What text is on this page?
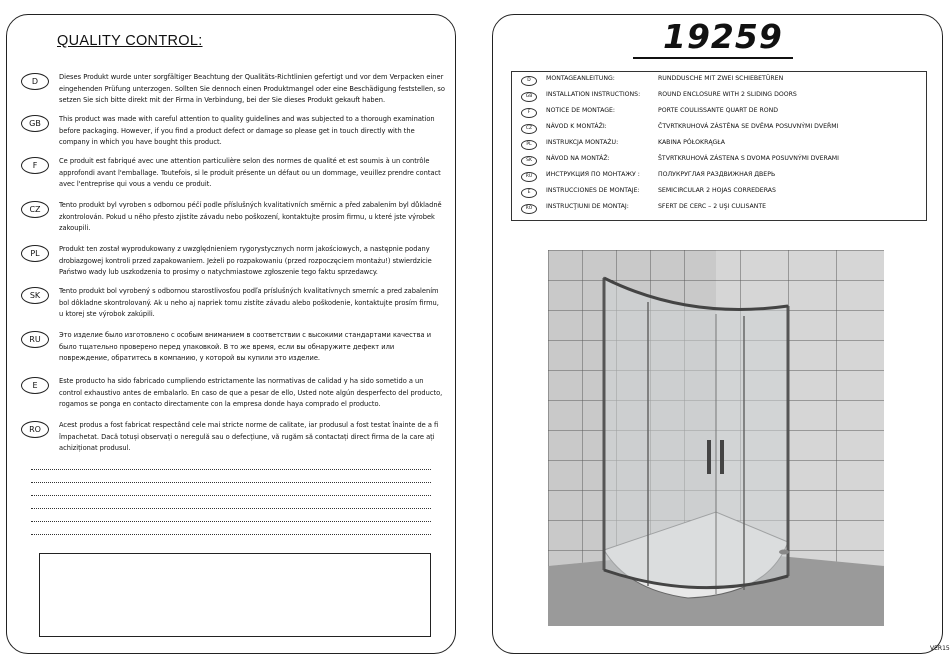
QUALITY CONTROL:
D
Dieses Produkt wurde unter sorgfältiger Beachtung der Qualitäts-Richtlinien gefertigt und vor dem Verpacken einer eingehenden Prüfung unterzogen. Sollten Sie dennoch einen Produktmangel oder eine Beschädigung feststellen, so setzen Sie sich bitte direkt mit der Firma in Verbindung, bei der Sie dieses Produkt gekauft haben.
GB
This product was made with careful attention to quality guidelines and was subjected to a thorough examination before packaging. However, if you find a product defect or damage so please get in touch directly with the company in which you have bought this product.
F
Ce produit est fabriqué avec une attention particulière selon des normes de qualité et est soumis à un contrôle approfondi avant l'emballage. Toutefois, si le produit présente un défaut ou un dommage, veuillez prendre contact avec l'entreprise qui vous a vendu ce produit.
CZ
Tento produkt byl vyroben s odbornou péčí podle příslušných kvalitativních směrnic a před zabalením byl důkladně zkontrolován. Pokud u něho přesto zjistíte závadu nebo poškození, kontaktujte prosím firmu, u které jste výrobek zakoupili.
PL
Produkt ten został wyprodukowany z uwzględnieniem rygorystycznych norm jakościowych, a następnie podany drobiazgowej kontroli przed zapakowaniem. Jeżeli po rozpakowaniu (przed rozpoczęciem montażu!) stwierdzicie Państwo wady lub uszkodzenia to prosimy o natychmiastowe zgłoszenie tego faktu sprzedawcy.
SK
Tento produkt bol vyrobený s odbornou starostlivosťou podľa príslušných kvalitatívnych smerníc a pred zabalením bol dôkladne skontrolovaný. Ak u neho aj napriek tomu zistíte závadu alebo poškodenie, kontaktujte prosím firmu, u ktorej ste výrobok zakúpili.
RU
Это изделие было изготовлено с особым вниманием в соответствии с высокими стандартами качества и было тщательно проверено перед упаковкой. В то же время, если вы обнаружите дефект или повреждение, обратитесь в компанию, у которой вы купили это изделие.
E
Este producto ha sido fabricado cumpliendo estrictamente las normativas de calidad y ha sido sometido a un control exhaustivo antes de embalarlo. En caso de que a pesar de ello, Usted note algún desperfecto del producto, rogamos se ponga en contacto directamente con la empresa donde haya comprado el producto.
RO
Acest produs a fost fabricat respectând cele mai stricte norme de calitate, iar produsul a fost testat înainte de a fi împachetat. Dacă totuși observați o neregulă sau o defecțiune, vă rugăm să contactați direct firma de la care ați achiziționat produsul.
19259
D	MONTAGEANLEITUNG:	RUNDDUSCHE MIT ZWEI SCHIEBETÜREN
GB	INSTALLATION INSTRUCTIONS:	ROUND ENCLOSURE WITH 2 SLIDING DOORS
F	NOTICE DE MONTAGE:	PORTE COULISSANTE QUART DE ROND
CZ	NÁVOD K MONTÁŽI:	ČTVRTKRUHOVÁ ZÁSTĚNA SE DVĚMA POSUVNÝMI DVEŘMI
PL	INSTRUKCJA MONTAŻU:	KABINA PÓŁOKRĄGŁA
SK	NÁVOD NA MONTÁŽ:	ŠTVRTKRUHOVÁ ZÁSTENA S DVOMA POSUVNÝMI DVERAMI
RU	ИНСТРУКЦИЯ ПО МОНТАЖУ :	ПОЛУКРУГЛАЯ РАЗДВИЖНАЯ ДВЕРЬ
E	INSTRUCCIONES DE MONTAJE:	SEMICIRCULAR 2 HOJAS CORREDERAS
RO	INSTRUCŢIUNI DE MONTAJ:	SFERT DE CERC – 2 UŞI CULISANTE
VER15
